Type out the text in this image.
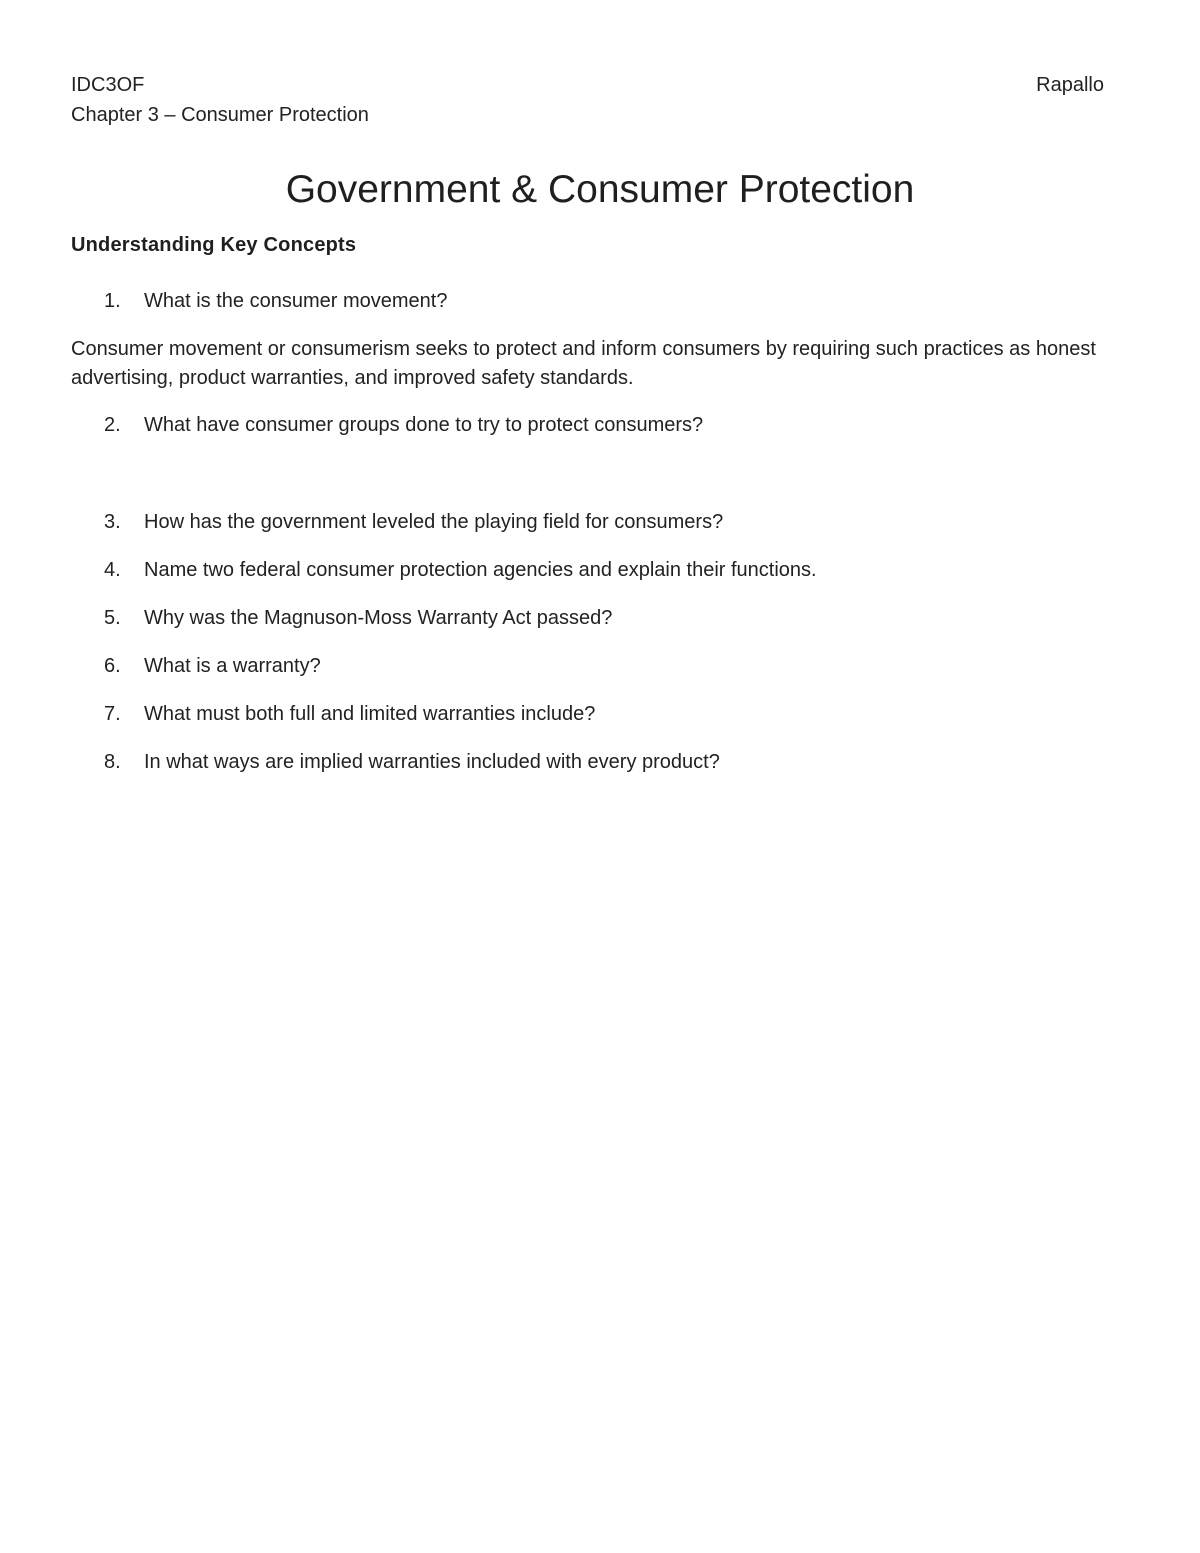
IDC3OF	Rapallo
Chapter 3 – Consumer Protection
Government & Consumer Protection
Understanding Key Concepts
1.	What is the consumer movement?

Consumer movement or consumerism seeks to protect and inform consumers by requiring such practices as honest advertising, product warranties, and improved safety standards.

2.	What have consumer groups done to try to protect consumers?
3.	How has the government leveled the playing field for consumers?
4.	Name two federal consumer protection agencies and explain their functions.
5.	Why was the Magnuson-Moss Warranty Act passed?
6.	What is a warranty?
7.	What must both full and limited warranties include?
8.	In what ways are implied warranties included with every product?
